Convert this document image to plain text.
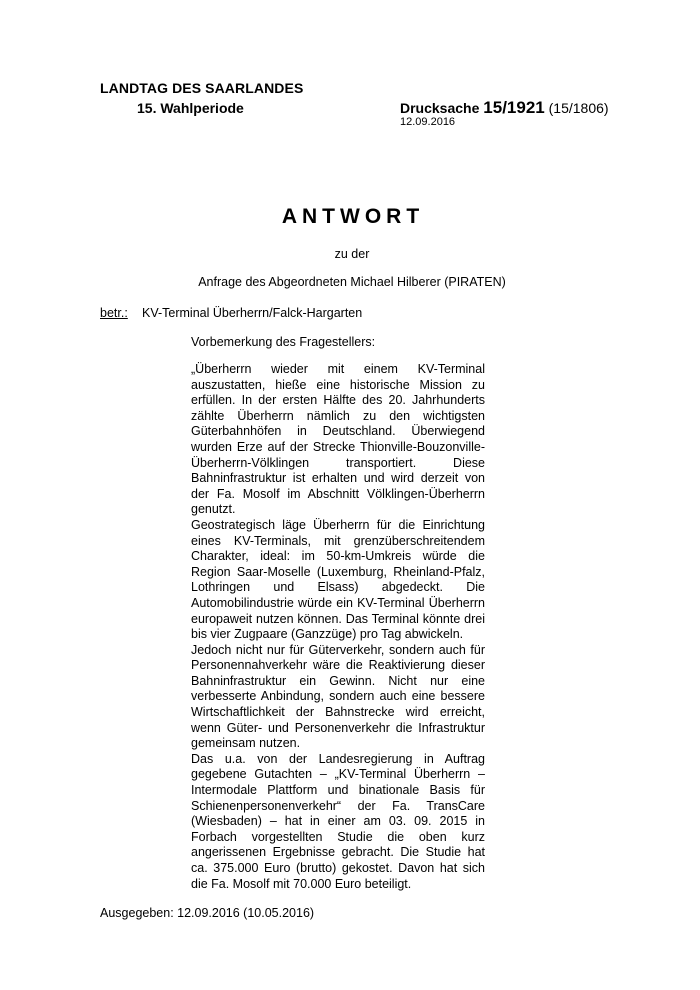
LANDTAG DES SAARLANDES
15. Wahlperiode	Drucksache 15/1921 (15/1806)
12.09.2016
ANTWORT
zu der
Anfrage des Abgeordneten Michael Hilberer (PIRATEN)
betr.: KV-Terminal Überherrn/Falck-Hargarten
Vorbemerkung des Fragestellers:

„Überherrn wieder mit einem KV-Terminal auszustatten, hieße eine historische Mission zu erfüllen. In der ersten Hälfte des 20. Jahrhunderts zählte Überherrn nämlich zu den wichtigsten Güterbahnhöfen in Deutschland. Überwiegend wurden Erze auf der Strecke Thionville-Bouzonville-Überherrn-Völklingen transportiert. Diese Bahninfrastruktur ist erhalten und wird derzeit von der Fa. Mosolf im Abschnitt Völklingen-Überherrn genutzt.

Geostrategisch läge Überherrn für die Einrichtung eines KV-Terminals, mit grenzüberschreitendem Charakter, ideal: im 50-km-Umkreis würde die Region Saar-Moselle (Luxemburg, Rheinland-Pfalz, Lothringen und Elsass) abgedeckt. Die Automobilindustrie würde ein KV-Terminal Überherrn europaweit nutzen können. Das Terminal könnte drei bis vier Zugpaare (Ganzzüge) pro Tag abwickeln.

Jedoch nicht nur für Güterverkehr, sondern auch für Personennahverkehr wäre die Reaktivierung dieser Bahninfrastruktur ein Gewinn. Nicht nur eine verbesserte Anbindung, sondern auch eine bessere Wirtschaftlichkeit der Bahnstrecke wird erreicht, wenn Güter- und Personenverkehr die Infrastruktur gemeinsam nutzen.

Das u.a. von der Landesregierung in Auftrag gegebene Gutachten – „KV-Terminal Überherrn – Intermodale Plattform und binationale Basis für Schienenpersonenverkehr“ der Fa. TransCare (Wiesbaden) – hat in einer am 03. 09. 2015 in Forbach vorgestellten Studie die oben kurz angerissenen Ergebnisse gebracht. Die Studie hat ca. 375.000 Euro (brutto) gekostet. Davon hat sich die Fa. Mosolf mit 70.000 Euro beteiligt.

Ausgegeben: 12.09.2016 (10.05.2016)
